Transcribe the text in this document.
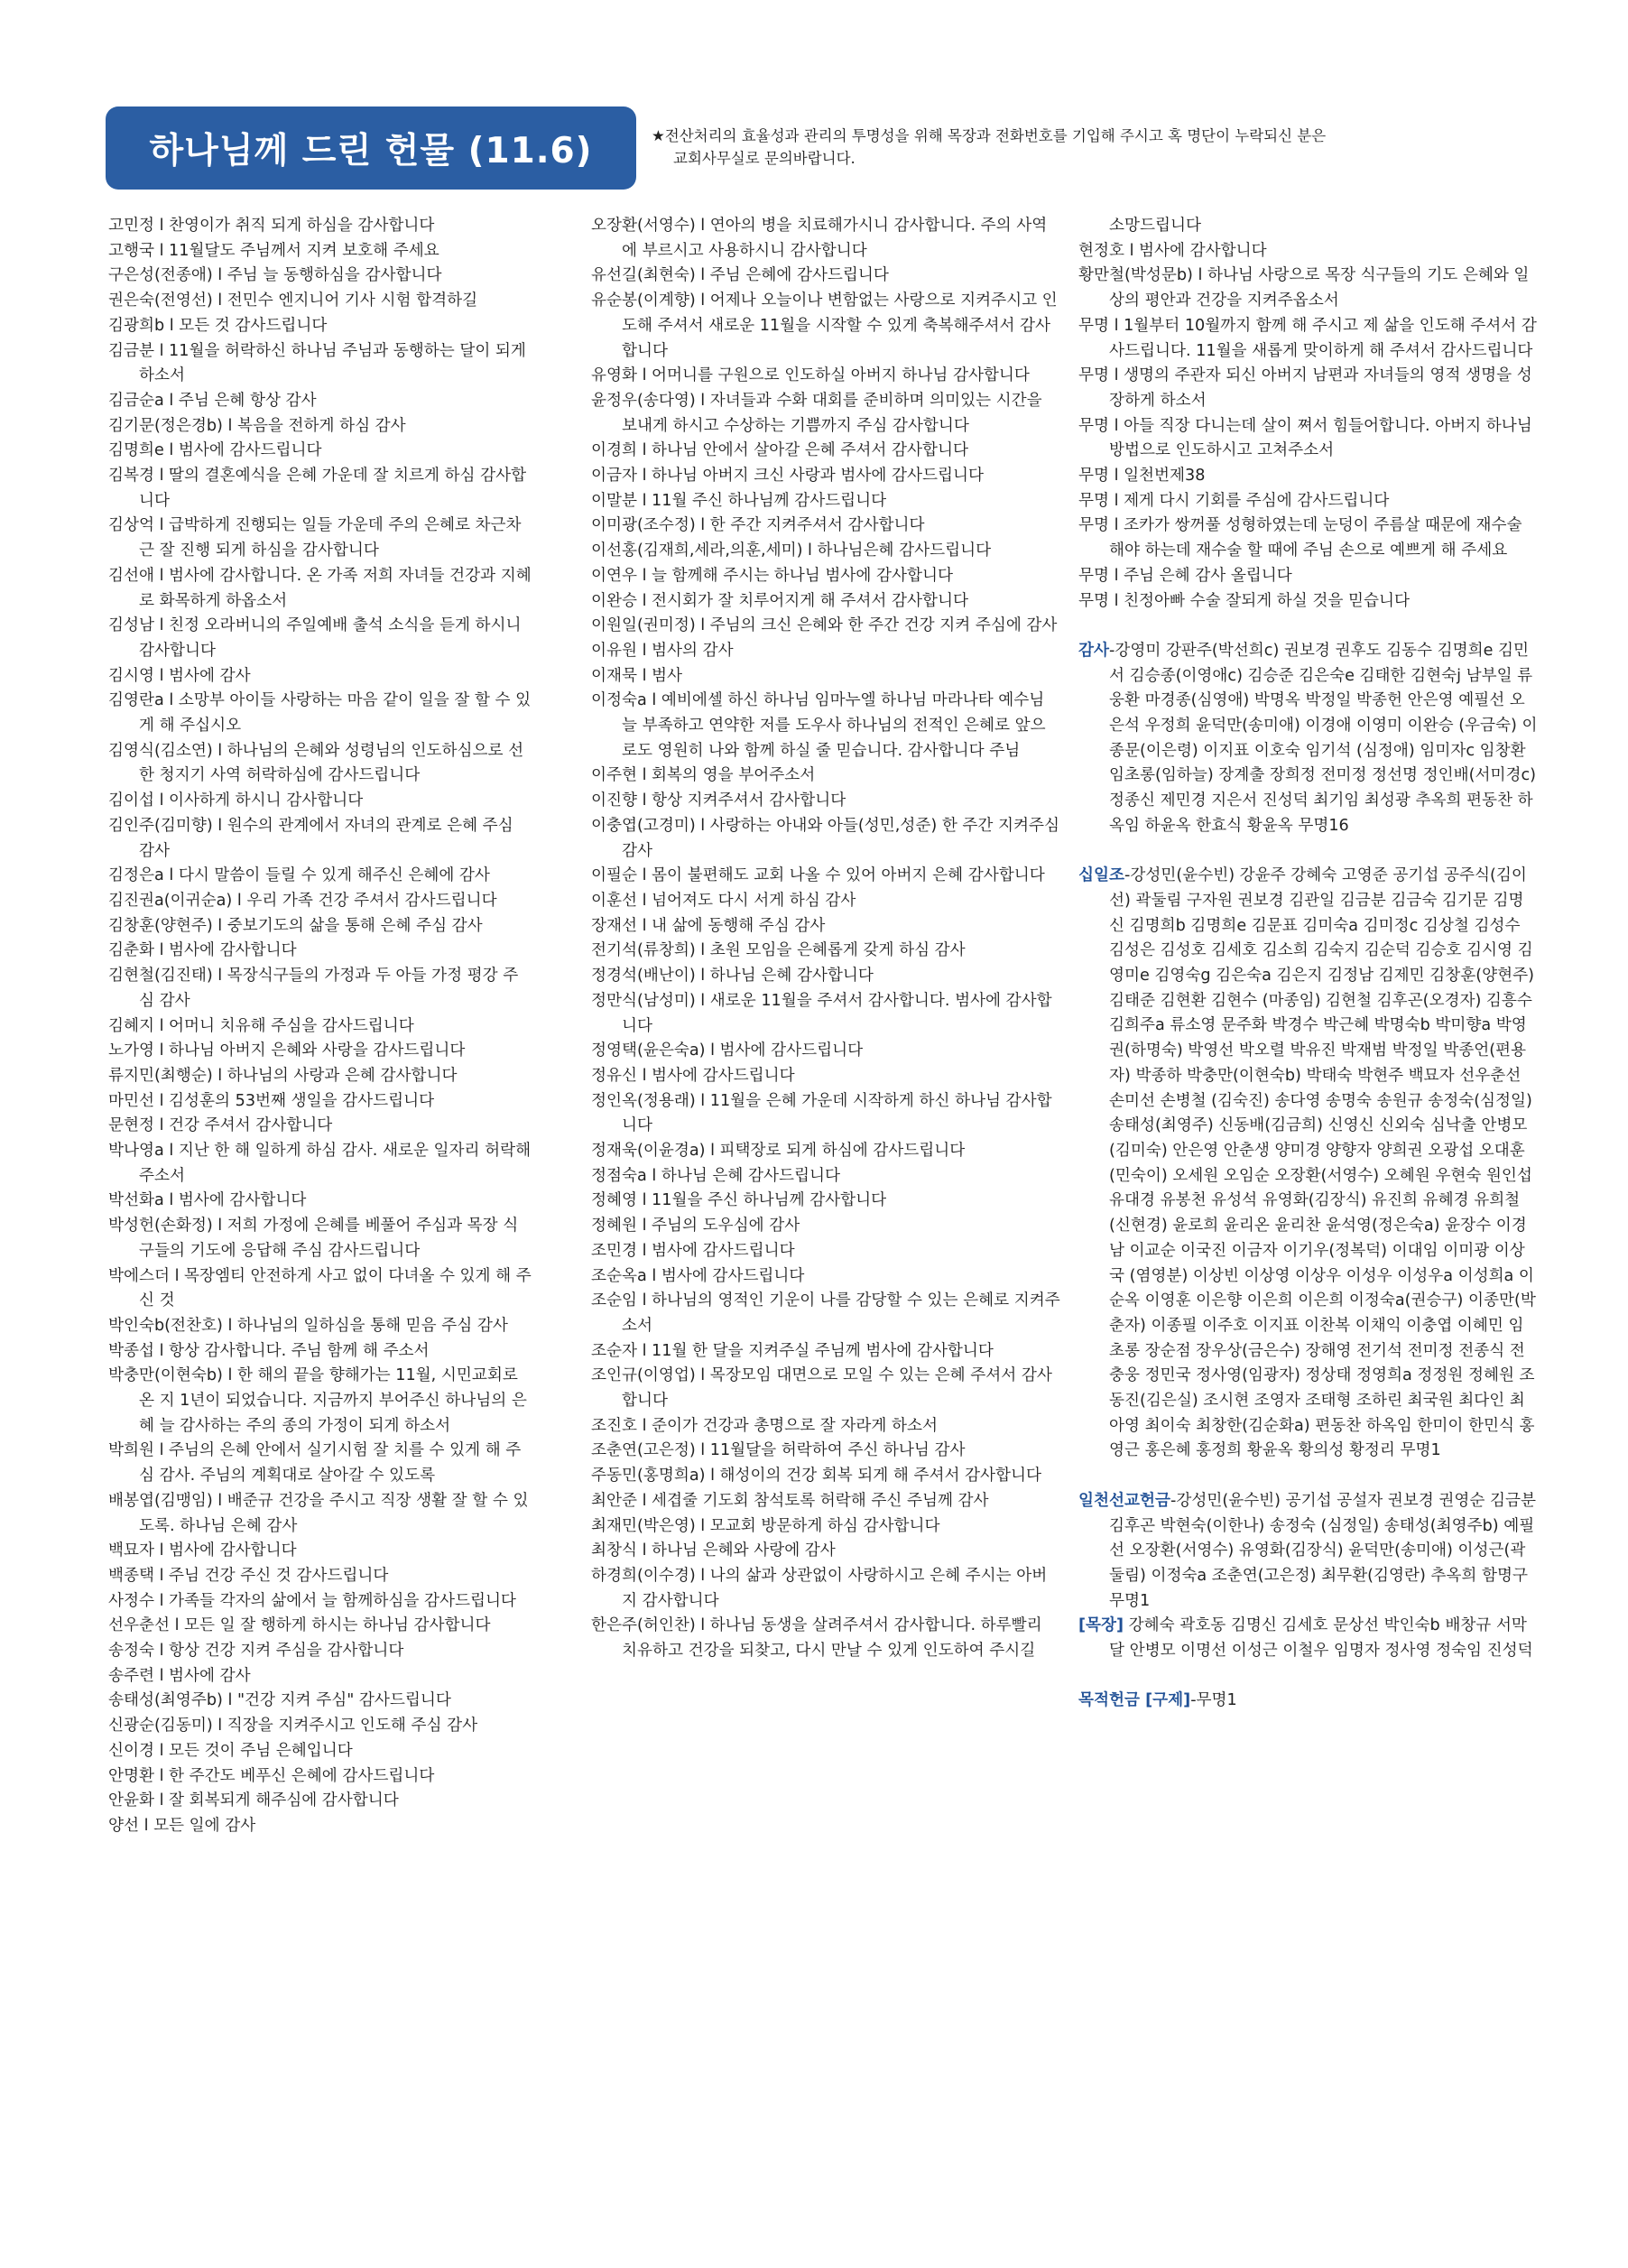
하나님께 드린 헌물 (11.6)	★전산처리의 효율성과 관리의 투명성을 위해 목장과 전화번호를 기입해 주시고 혹 명단이 누락되신 분은
교회사무실로 문의바랍니다.
고민정 l 찬영이가 취직 되게 하심을 감사합니다
고행국 l 11월달도 주님께서 지켜 보호해 주세요
구은성(전종애) l 주님 늘 동행하심을 감사합니다
권은숙(전영선) l 전민수 엔지니어 기사 시험 합격하길
김광희b l 모든 것 감사드립니다
김금분 l 11월을 허락하신 하나님 주님과 동행하는 달이 되게 하소서
김금순a l 주님 은혜 항상 감사
김기문(정은경b) l 복음을 전하게 하심 감사
김명희e l 범사에 감사드립니다
김복경 l 딸의 결혼예식을 은혜 가운데 잘 치르게 하심 감사합니다
김상억 l 급박하게 진행되는 일들 가운데 주의 은혜로 차근차근 잘 진행 되게 하심을 감사합니다
김선애 l 범사에 감사합니다. 온 가족 저희 자녀들 건강과 지혜로 화목하게 하옵소서
김성남 l 친정 오라버니의 주일예배 출석 소식을 듣게 하시니 감사합니다
김시영 l 범사에 감사
김영란a l 소망부 아이들 사랑하는 마음 같이 일을 잘 할 수 있게 해 주십시오
김영식(김소연) l 하나님의 은혜와 성령님의 인도하심으로 선한 청지기 사역 허락하심에 감사드립니다
김이섭 l 이사하게 하시니 감사합니다
김인주(김미향) l 원수의 관계에서 자녀의 관계로 은혜 주심 감사
김정은a l 다시 말씀이 들릴 수 있게 해주신 은혜에 감사
김진권a(이귀순a) l 우리 가족 건강 주셔서 감사드립니다
김창훈(양현주) l 중보기도의 삶을 통해 은혜 주심 감사
김춘화 l 범사에 감사합니다
김현철(김진태) l 목장식구들의 가정과 두 아들 가정 평강 주심 감사
김혜지 l 어머니 치유해 주심을 감사드립니다
노가영 l 하나님 아버지 은혜와 사랑을 감사드립니다
류지민(최행순) l 하나님의 사랑과 은혜 감사합니다
마민선 l 김성훈의 53번째 생일을 감사드립니다
문현정 l 건강 주셔서 감사합니다
박나영a l 지난 한 해 일하게 하심 감사. 새로운 일자리 허락해 주소서
박선화a l 범사에 감사합니다
박성헌(손화정) l 저희 가정에 은혜를 베풀어 주심과 목장 식구들의 기도에 응답해 주심 감사드립니다
박에스더 l 목장엠티 안전하게 사고 없이 다녀올 수 있게 해 주신 것
박인숙b(전찬호) l 하나님의 일하심을 통해 믿음 주심 감사
박종섭 l 항상 감사합니다. 주님 함께 해 주소서
박충만(이현숙b) l 한 해의 끝을 향해가는 11월, 시민교회로 온 지 1년이 되었습니다. 지금까지 부어주신 하나님의 은혜 늘 감사하는 주의 종의 가정이 되게 하소서
박희원 l 주님의 은혜 안에서 실기시험 잘 치를 수 있게 해 주심 감사. 주님의 계획대로 살아갈 수 있도록
배봉엽(김맹임) l 배준규 건강을 주시고 직장 생활 잘 할 수 있도록. 하나님 은혜 감사
백묘자 l 범사에 감사합니다
백종택 l 주님 건강 주신 것 감사드립니다
사정수 l 가족들 각자의 삶에서 늘 함께하심을 감사드립니다
선우춘선 l 모든 일 잘 행하게 하시는 하나님 감사합니다
송정숙 l 항상 건강 지켜 주심을 감사합니다
송주련 l 범사에 감사
송태성(최영주b) l "건강 지켜 주심" 감사드립니다
신광순(김동미) l 직장을 지켜주시고 인도해 주심 감사
신이경 l 모든 것이 주님 은혜입니다
안명환 l 한 주간도 베푸신 은혜에 감사드립니다
안윤화 l 잘 회복되게 해주심에 감사합니다
양선 l 모든 일에 감사
오장환(서영수) l 연아의 병을 치료해가시니 감사합니다. 주의 사역에 부르시고 사용하시니 감사합니다
유선길(최현숙) l 주님 은혜에 감사드립니다
유순봉(이계향) l 어제나 오늘이나 변함없는 사랑으로 지켜주시고 인도해 주셔서 새로운 11월을 시작할 수 있게 축복해주셔서 감사합니다
유영화 l 어머니를 구원으로 인도하실 아버지 하나님 감사합니다
윤정우(송다영) l 자녀들과 수화 대회를 준비하며 의미있는 시간을 보내게 하시고 수상하는 기쁨까지 주심 감사합니다
이경희 l 하나님 안에서 살아갈 은혜 주셔서 감사합니다
이금자 l 하나님 아버지 크신 사랑과 범사에 감사드립니다
이말분 l 11월 주신 하나님께 감사드립니다
이미광(조수정) l 한 주간 지켜주셔서 감사합니다
이선홍(김재희,세라,의훈,세미) l 하나님은혜 감사드립니다
이연우 l 늘 함께해 주시는 하나님 범사에 감사합니다
이완승 l 전시회가 잘 치루어지게 해 주셔서 감사합니다
이원일(권미정) l 주님의 크신 은혜와 한 주간 건강 지켜 주심에 감사
이유원 l 범사의 감사
이재묵 l 범사
이정숙a l 예비에셀 하신 하나님 임마누엘 하나님 마라나타 예수님 늘 부족하고 연약한 저를 도우사 하나님의 전적인 은혜로 앞으로도 영원히 나와 함께 하실 줄 믿습니다. 감사합니다 주님
이주현 l 회복의 영을 부어주소서
이진향 l 항상 지켜주셔서 감사합니다
이충엽(고경미) l 사랑하는 아내와 아들(성민,성준) 한 주간 지켜주심 감사
이필순 l 몸이 불편해도 교회 나올 수 있어 아버지 은혜 감사합니다
이훈선 l 넘어져도 다시 서게 하심 감사
장재선 l 내 삶에 동행해 주심 감사
전기석(류창희) l 초원 모임을 은혜롭게 갖게 하심 감사
정경석(배난이) l 하나님 은혜 감사합니다
정만식(남성미) l 새로운 11월을 주셔서 감사합니다. 범사에 감사합니다
정영택(윤은숙a) l 범사에 감사드립니다
정유신 l 범사에 감사드립니다
정인옥(정용래) l 11월을 은혜 가운데 시작하게 하신 하나님 감사합니다
정재욱(이윤경a) l 피택장로 되게 하심에 감사드립니다
정점숙a l 하나님 은혜 감사드립니다
정혜영 l 11월을 주신 하나님께 감사합니다
정혜원 l 주님의 도우심에 감사
조민경 l 범사에 감사드립니다
조순옥a l 범사에 감사드립니다
조순임 l 하나님의 영적인 기운이 나를 감당할 수 있는 은혜로 지켜주소서
조순자 l 11월 한 달을 지켜주실 주님께 범사에 감사합니다
조인규(이영업) l 목장모임 대면으로 모일 수 있는 은혜 주셔서 감사합니다
조진호 l 준이가 건강과 총명으로 잘 자라게 하소서
조춘연(고은정) l 11월달을 허락하여 주신 하나님 감사
주동민(홍명희a) l 해성이의 건강 회복 되게 해 주셔서 감사합니다
최안준 l 세겹줄 기도회 참석토록 허락해 주신 주님께 감사
최재민(박은영) l 모교회 방문하게 하심 감사합니다
최창식 l 하나님 은혜와 사랑에 감사
하경희(이수경) l 나의 삶과 상관없이 사랑하시고 은혜 주시는 아버지 감사합니다
한은주(허인찬) l 하나님 동생을 살려주셔서 감사합니다. 하루빨리 치유하고 건강을 되찾고, 다시 만날 수 있게 인도하여 주시길
소망드립니다
현정호 l 범사에 감사합니다
황만철(박성문b) l 하나님 사랑으로 목장 식구들의 기도 은혜와 일상의 평안과 건강을 지켜주옵소서
무명 l 1월부터 10월까지 함께 해 주시고 제 삶을 인도해 주셔서 감사드립니다. 11월을 새롭게 맞이하게 해 주셔서 감사드립니다
무명 l 생명의 주관자 되신 아버지 남편과 자녀들의 영적 생명을 성장하게 하소서
무명 l 아들 직장 다니는데 살이 쪄서 힘들어합니다. 아버지 하나님 방법으로 인도하시고 고쳐주소서
무명 l 일천번제38
무명 l 제게 다시 기회를 주심에 감사드립니다
무명 l 조카가 쌍꺼풀 성형하였는데 눈덩이 주름살 때문에 재수술 해야 하는데 재수술 할 때에 주님 손으로 예쁘게 해 주세요
무명 l 주님 은혜 감사 올립니다
무명 l 친정아빠 수술 잘되게 하실 것을 믿습니다
감사-강영미 강판주(박선희c) 권보경 권후도 김동수 김명희e 김민서 김승종(이영애c) 김승준 김은숙e 김태한 김현숙j 남부일 류웅환 마경종(심영애) 박명옥 박정일 박종헌 안은영 예필선 오은석 우정희 윤덕만(송미애) 이경애 이영미 이완승 (우금숙) 이종문(이은령) 이지표 이호숙 임기석 (심정애) 임미자c 임창환 임초롱(임하늘) 장계출 장희정 전미정 정선명 정인배(서미경c) 정종신 제민경 지은서 진성덕 최기임 최성광 추옥희 편동찬 하옥임 하윤옥 한효식 황윤옥 무명16
십일조-강성민(윤수빈) 강윤주 강혜숙 고영준 공기섭 공주식(김이선) 곽둘림 구자원 권보경 김관일 김금분 김금숙 김기문 김명신 김명희b 김명희e 김문표 김미숙a 김미정c 김상철 김성수 김성은 김성호 김세호 김소희 김숙지 김순덕 김승호 김시영 김영미e 김영숙g 김은숙a 김은지 김정남 김제민 김창훈(양현주) 김태준 김현환 김현수 (마종임) 김현철 김후곤(오경자) 김흥수 김희주a 류소영 문주화 박경수 박근혜 박명숙b 박미향a 박영권(하명숙) 박영선 박오렬 박유진 박재범 박정일 박종언(편용자) 박종하 박충만(이현숙b) 박태숙 박현주 백묘자 선우춘선 손미선 손병철 (김숙진) 송다영 송명숙 송원규 송정숙(심정일) 송태성(최영주) 신동배(김금희) 신영신 신외숙 심낙출 안병모(김미숙) 안은영 안춘생 양미경 양향자 양희권 오광섭 오대훈(민숙이) 오세원 오임순 오장환(서영수) 오혜원 우현숙 원인섭 유대경 유봉천 유성석 유영화(김장식) 유진희 유혜경 유희철(신현경) 윤로희 윤리온 윤리찬 윤석영(정은숙a) 윤장수 이경남 이교순 이국진 이금자 이기우(정복덕) 이대임 이미광 이상국 (염영분) 이상빈 이상영 이상우 이성우 이성우a 이성희a 이순옥 이영훈 이은향 이은희 이은희 이정숙a(권승구) 이종만(박춘자) 이종필 이주호 이지표 이찬복 이채익 이충엽 이혜민 임초롱 장순점 장우상(금은수) 장해영 전기석 전미정 전종식 전충웅 정민국 정사영(임광자) 정상태 정영희a 정정원 정혜원 조동진(김은실) 조시현 조영자 조태형 조하린 최국원 최다인 최아영 최이숙 최창한(김순화a) 편동찬 하옥임 한미이 한민식 홍영근 홍은혜 홍정희 황윤옥 황의성 황정리 무명1
일천선교헌금-강성민(윤수빈) 공기섭 공설자 권보경 권영순 김금분 김후곤 박현숙(이한나) 송정숙 (심정일) 송태성(최영주b) 예필선 오장환(서영수) 유영화(김장식) 윤덕만(송미애) 이성근(곽둘림) 이정숙a 조춘연(고은정) 최무환(김영란) 추옥희 함명구 무명1
[목장] 강혜숙 곽호동 김명신 김세호 문상선 박인숙b 배창규 서막달 안병모 이명선 이성근 이철우 임명자 정사영 정숙임 진성덕
목적헌금 [구제]-무명1
